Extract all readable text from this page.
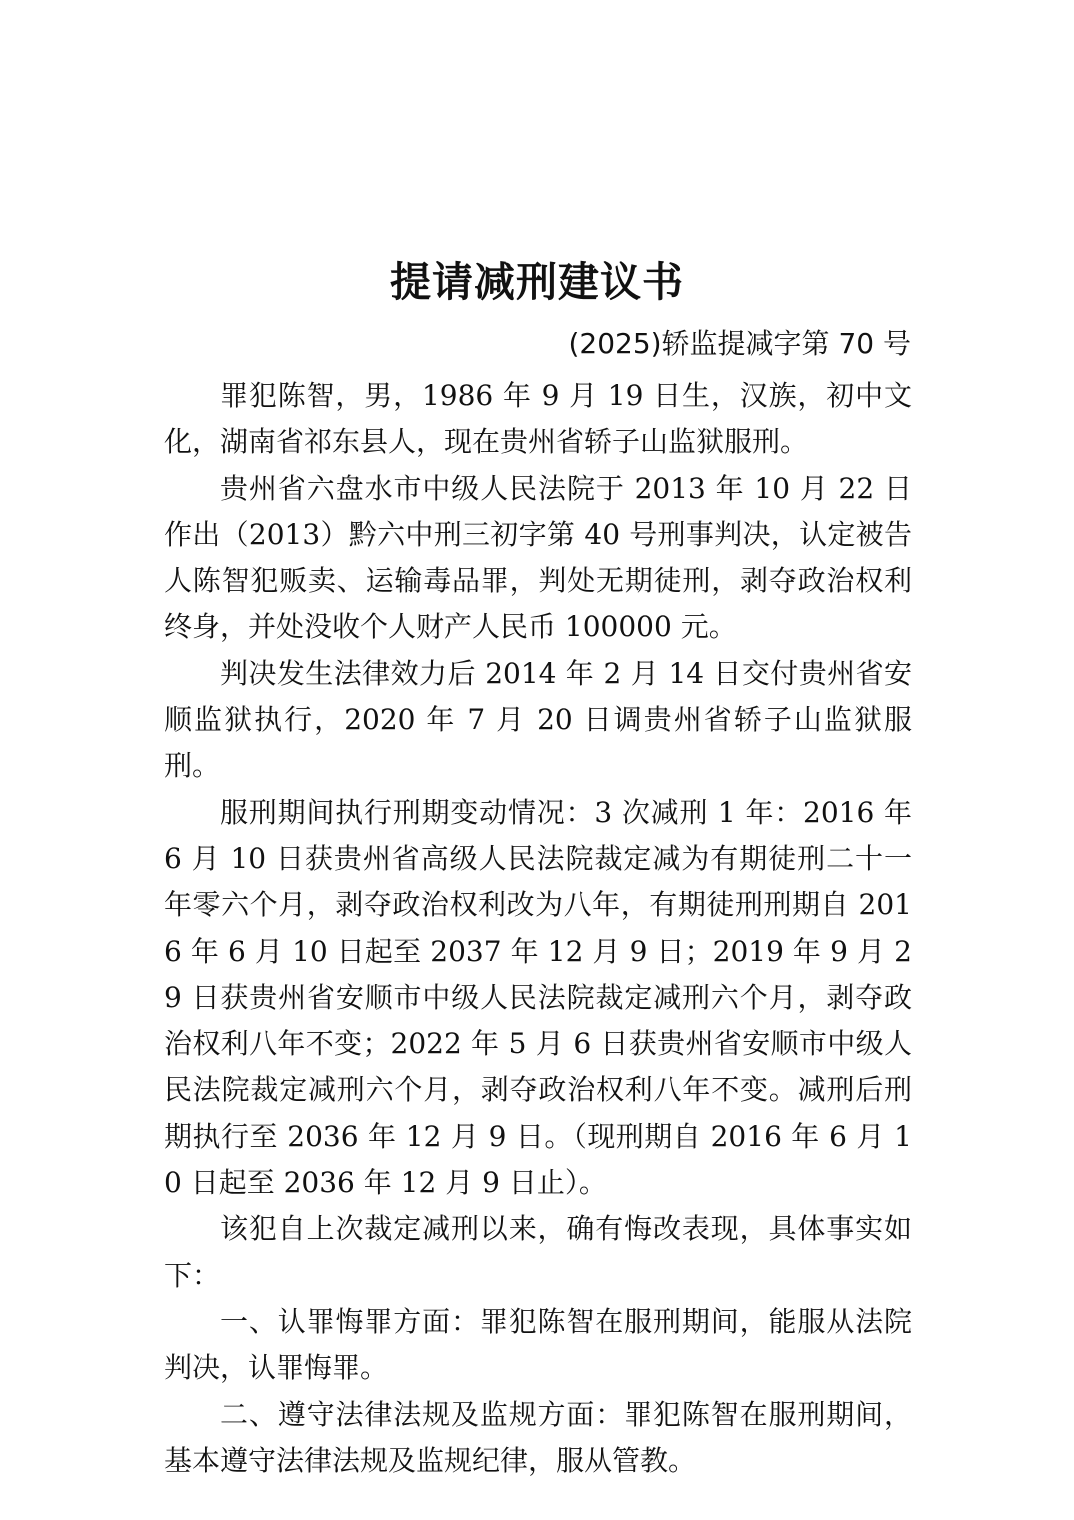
提请减刑建议书
(2025)轿监提减字第 70 号

罪犯陈智，男，1986 年 9 月 19 日生，汉族，初中文化，湖南省祁东县人，现在贵州省轿子山监狱服刑。

贵州省六盘水市中级人民法院于 2013 年 10 月 22 日作出（2013）黔六中刑三初字第 40 号刑事判决，认定被告人陈智犯贩卖、运输毒品罪，判处无期徒刑，剥夺政治权利终身，并处没收个人财产人民币 100000 元。

判决发生法律效力后 2014 年 2 月 14 日交付贵州省安顺监狱执行，2020 年 7 月 20 日调贵州省轿子山监狱服刑。

服刑期间执行刑期变动情况：3 次减刑 1 年：2016 年 6 月 10 日获贵州省高级人民法院裁定减为有期徒刑二十一年零六个月，剥夺政治权利改为八年，有期徒刑刑期自 2016 年 6 月 10 日起至 2037 年 12 月 9 日；2019 年 9 月 29 日获贵州省安顺市中级人民法院裁定减刑六个月，剥夺政治权利八年不变；2022 年 5 月 6 日获贵州省安顺市中级人民法院裁定减刑六个月，剥夺政治权利八年不变。减刑后刑期执行至 2036 年 12 月 9 日。（现刑期自 2016 年 6 月 10 日起至 2036 年 12 月 9 日止）。

该犯自上次裁定减刑以来，确有悔改表现，具体事实如下：

一、认罪悔罪方面：罪犯陈智在服刑期间，能服从法院判决，认罪悔罪。

二、遵守法律法规及监规方面：罪犯陈智在服刑期间，基本遵守法律法规及监规纪律，服从管教。
